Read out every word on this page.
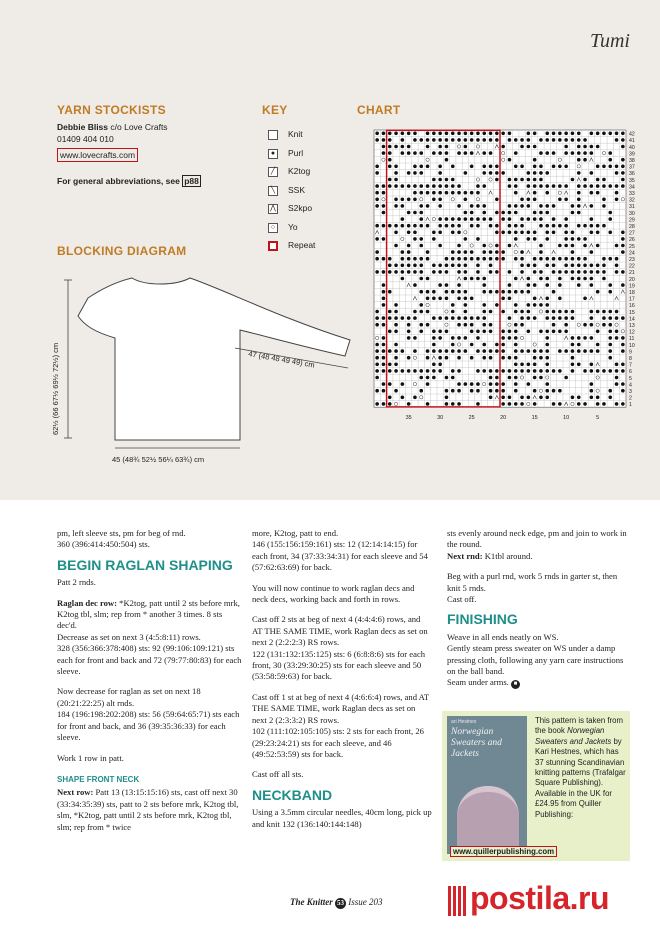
Tumi
YARN STOCKISTS
Debbie Bliss c/o Love Crafts
01409 404 010
www.lovecrafts.com
For general abbreviations, see p88
BLOCKING DIAGRAM
62½ (66 67½ 69½ 72½) cm	47 (48 48 49 49) cm
45 (48¾ 52½ 56¼ 63¾) cm
KEY
Knit
●	Purl
╱	K2tog
╲	SSK
⋀ S2kpo
○	Yo
Repeat
CHART
42
41
40
39
38
37
36
35
34
33
32
31
30
29
28
27
26
25
24
23
22
21
20
19
18
17
16
15
14
13
12
11
10
9
8
7
6
5
4
3
2
1
35	30	25	20	15	10	5

pm, left sleeve sts, pm for beg of rnd.

360 (396:414:450:504) sts.

BEGIN RAGLAN SHAPING

Patt 2 rnds.

Raglan dec row: *K2tog, patt until 2 sts before mrk, K2tog tbl, slm; rep from * another 3 times. 8 sts dec'd.

Decrease as set on next 3 (4:5:8:11) rows.

328 (356:366:378:408) sts: 92 (99:106:109:121) sts each for front and back and 72 (79:77:80:83) for each sleeve.

Now decrease for raglan as set on next 18 (20:21:22:25) alt rnds.

184 (196:198:202:208) sts: 56 (59:64:65:71) sts each for front and back, and 36 (39:35:36:33) for each sleeve.

Work 1 row in patt.

SHAPE FRONT NECK

Next row: Patt 13 (13:15:15:16) sts, cast off next 30 (33:34:35:39) sts, patt to 2 sts before mrk, K2tog tbl, slm, *K2tog, patt until 2 sts before mrk, K2tog tbl, slm; rep from * twice

more, K2tog, patt to end.

146 (155:156:159:161) sts: 12 (12:14:14:15) for each front, 34 (37:33:34:31) for each sleeve and 54 (57:62:63:69) for back.

You will now continue to work raglan decs and neck decs, working back and forth in rows.

Cast off 2 sts at beg of next 4 (4:4:4:6) rows, and AT THE SAME TIME, work Raglan decs as set on next 2 (2:2:2:3) RS rows.

122 (131:132:135:125) sts: 6 (6:8:8:6) sts for each front, 30 (33:29:30:25) sts for each sleeve and 50 (53:58:59:63) for back.

Cast off 1 st at beg of next 4 (4:6:6:4) rows, and AT THE SAME TIME, work Raglan decs as set on next 2 (2:3:3:2) RS rows.

102 (111:102:105:105) sts: 2 sts for each front, 26 (29:23:24:21) sts for each sleeve, and 46 (49:52:53:59) sts for back.

Cast off all sts.

NECKBAND

Using a 3.5mm circular needles, 40cm long, pick up and knit 132 (136:140:144:148)

sts evenly around neck edge, pm and join to work in the round.

Next rnd: K1tbl around.

Beg with a purl rnd, work 5 rnds in garter st, then knit 5 rnds.

Cast off.

FINISHING

Weave in all ends neatly on WS.

Gently steam press sweater on WS under a damp pressing cloth, following any yarn care instructions on the ball band.

Seam under arms. ■

ari Hestnes
Norwegian Sweaters and Jackets
This pattern is taken from the book Norwegian Sweaters and Jackets by Kari Hestnes, which has 37 stunning Scandinavian knitting patterns (Trafalgar Square Publishing). Available in the UK for £24.95 from Quiller Publishing:
www.quillerpublishing.com
The Knitter 53 Issue 203	postila.ru
